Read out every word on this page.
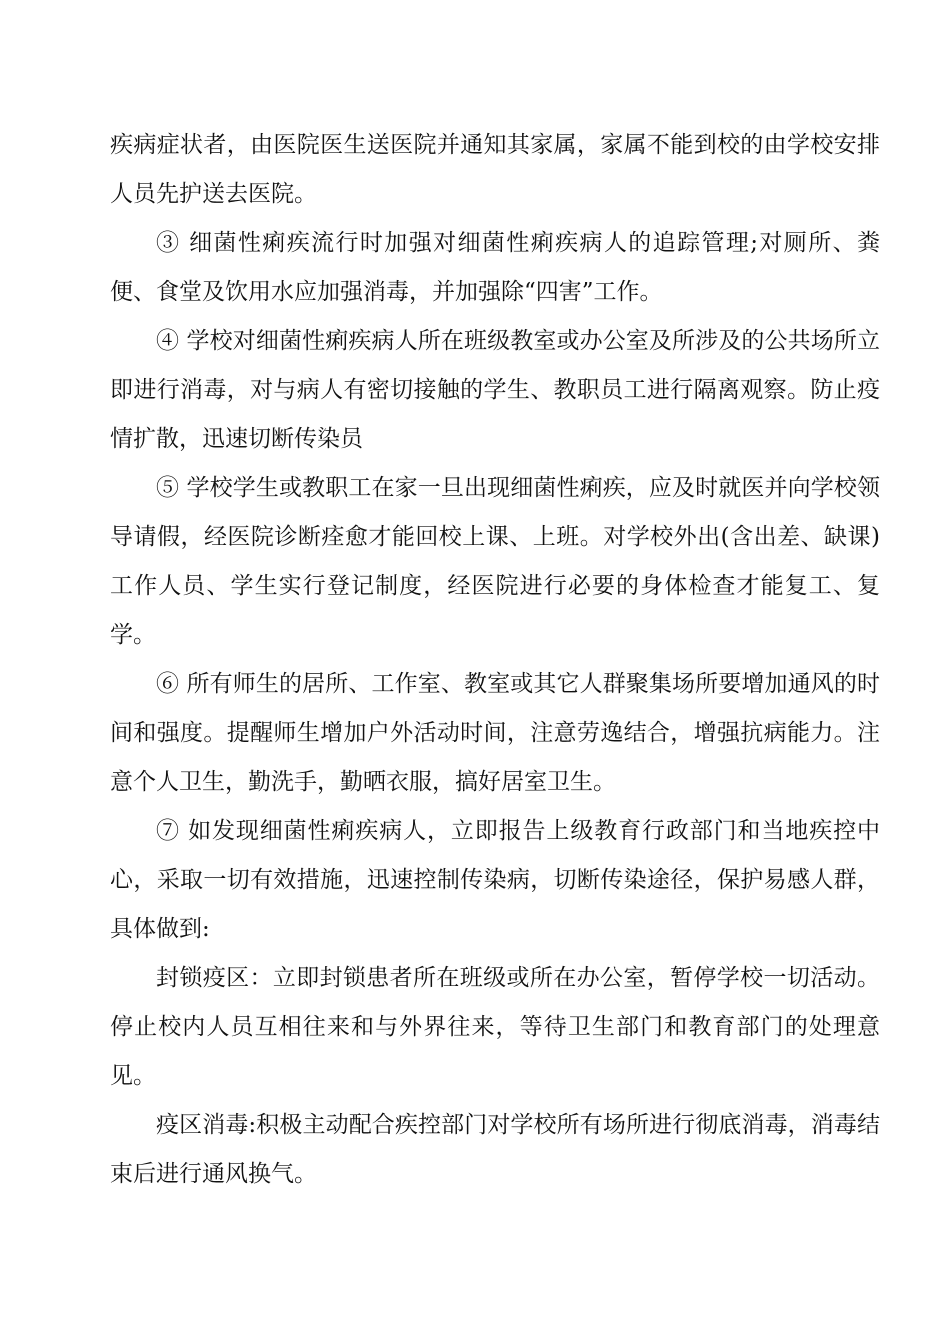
疾病症状者，由医院医生送医院并通知其家属，家属不能到校的由学校安排人员先护送去医院。

③ 细菌性痢疾流行时加强对细菌性痢疾病人的追踪管理;对厕所、粪便、食堂及饮用水应加强消毒，并加强除“四害”工作。

④ 学校对细菌性痢疾病人所在班级教室或办公室及所涉及的公共场所立即进行消毒，对与病人有密切接触的学生、教职员工进行隔离观察。防止疫情扩散，迅速切断传染员

⑤ 学校学生或教职工在家一旦出现细菌性痢疾，应及时就医并向学校领导请假，经医院诊断痊愈才能回校上课、上班。对学校外出(含出差、缺课)工作人员、学生实行登记制度，经医院进行必要的身体检查才能复工、复学。

⑥ 所有师生的居所、工作室、教室或其它人群聚集场所要增加通风的时间和强度。提醒师生增加户外活动时间，注意劳逸结合，增强抗病能力。注意个人卫生，勤洗手，勤晒衣服，搞好居室卫生。

⑦ 如发现细菌性痢疾病人，立即报告上级教育行政部门和当地疾控中心，采取一切有效措施，迅速控制传染病，切断传染途径，保护易感人群，具体做到:

封锁疫区：立即封锁患者所在班级或所在办公室，暂停学校一切活动。停止校内人员互相往来和与外界往来，等待卫生部门和教育部门的处理意见。

疫区消毒:积极主动配合疾控部门对学校所有场所进行彻底消毒，消毒结束后进行通风换气。
